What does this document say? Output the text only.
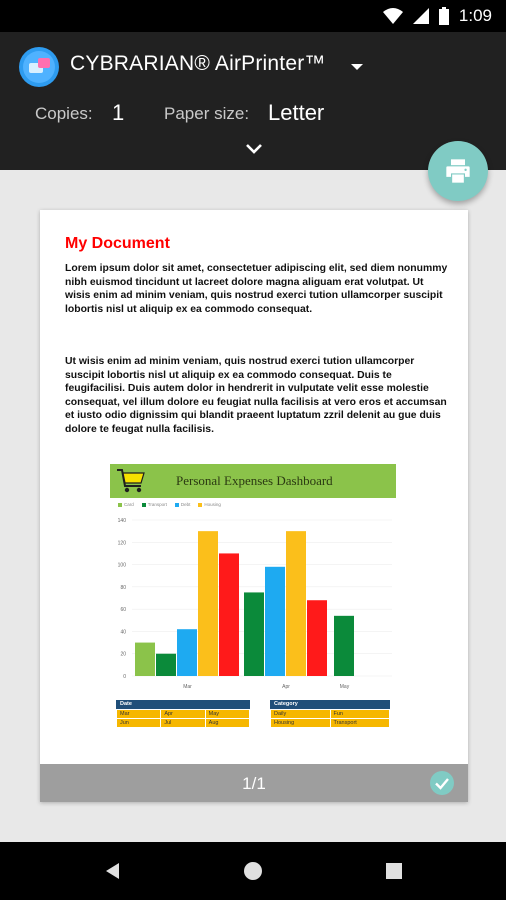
1:09
CYBRARIAN® AirPrinter™
Copies: 1 Paper size: Letter
My Document

Lorem ipsum dolor sit amet, consectetuer adipiscing elit, sed diem nonummy nibh euismod tincidunt ut lacreet dolore magna aliguam erat volutpat. Ut wisis enim ad minim veniam, quis nostrud exerci tution ullamcorper suscipit lobortis nisl ut aliquip ex ea commodo consequat.

Ut wisis enim ad minim veniam, quis nostrud exerci tution ullamcorper suscipit lobortis nisl ut aliquip ex ea commodo consequat. Duis te feugifacilisi. Duis autem dolor in hendrerit in vulputate velit esse molestie consequat, vel illum dolore eu feugiat nulla facilisis at vero eros et accumsan et iusto odio dignissim qui blandit praeent luptatum zzril delenit au gue duis dolore te feugat nulla facilisis.

Personal Expenses Dashboard
Card	Transport	Debt	Housing
0
20
40
60
80
100
120
140
Mar	Apr	May
Date
Mar	Apr	May
Jun	Jul	Aug
Category
Daily	Fun
Housing	Transport
1/1
